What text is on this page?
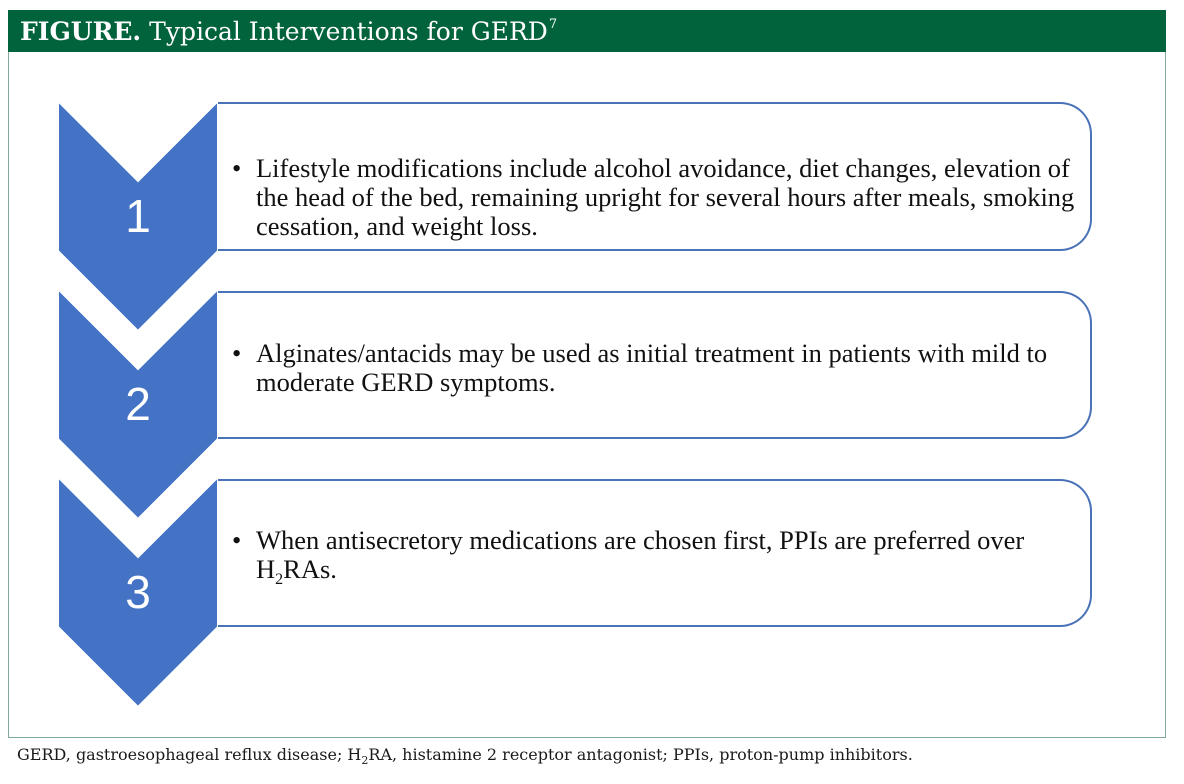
FIGURE. Typical Interventions for GERD$^7$
1
• Lifestyle modifications include alcohol avoidance, diet changes, elevation of the head of the bed, remaining upright for several hours after meals, smoking cessation, and weight loss.
2
• Alginates/antacids may be used as initial treatment in patients with mild to moderate GERD symptoms.
3
• When antisecretory medications are chosen first, PPIs are preferred over $H_2RAs$.
GERD, gastroesophageal reflux disease; $H_2RA$, histamine 2 receptor antagonist; PPIs, proton-pump inhibitors.
